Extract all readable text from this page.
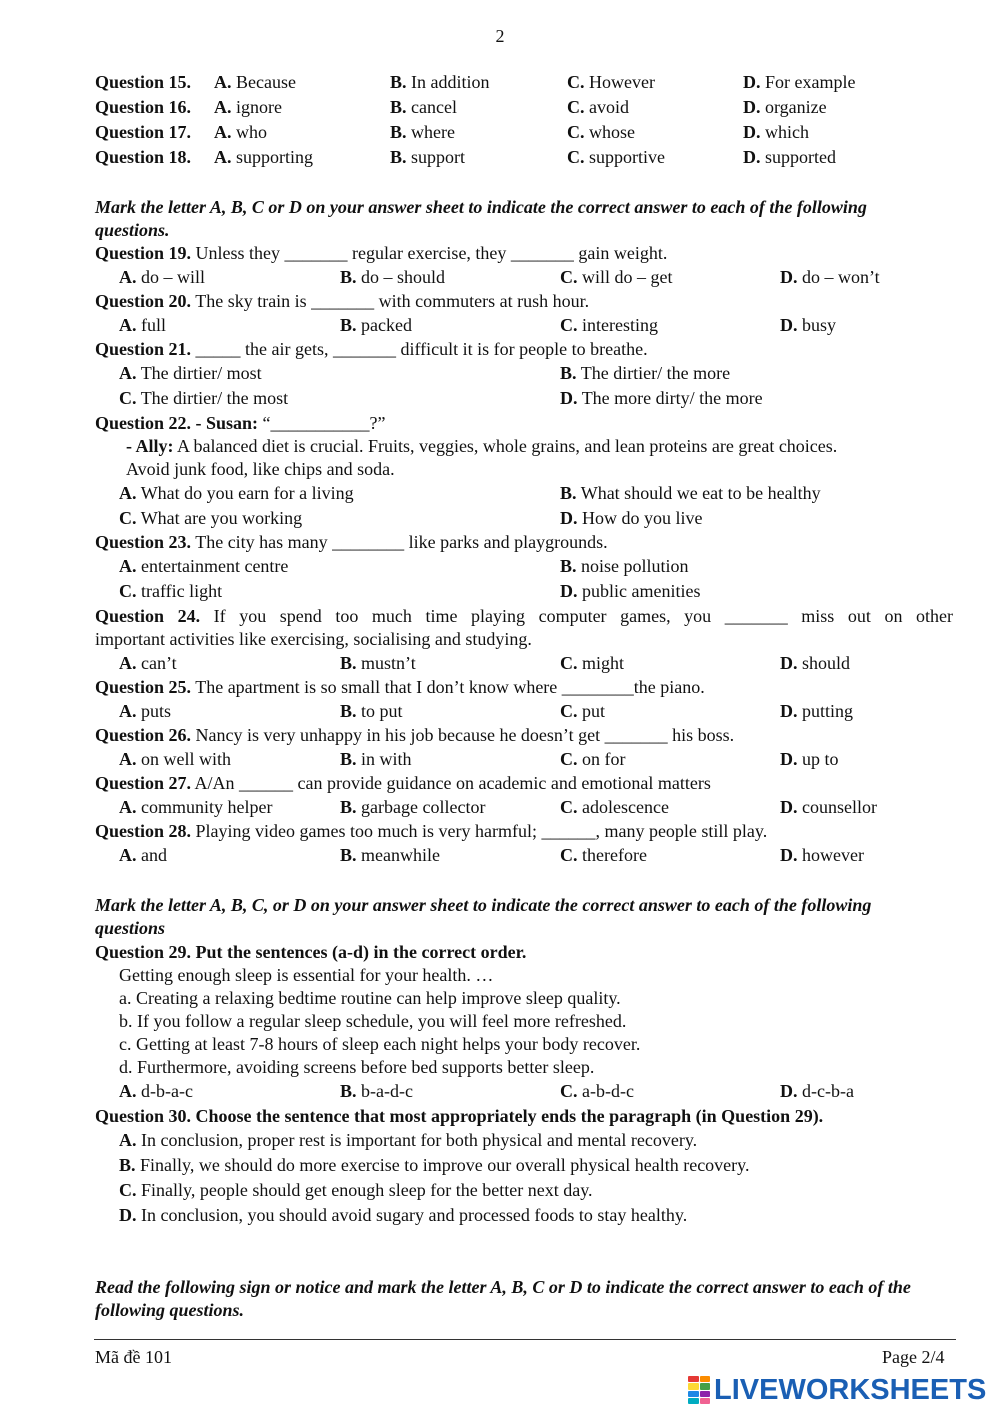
2
Question 15. A. Because	B. In addition	C. However	D. For example
Question 16. A. ignore	B. cancel	C. avoid	D. organize
Question 17. A. who	B. where	C. whose	D. which
Question 18. A. supporting	B. support	C. supportive	D. supported
Mark the letter A, B, C or D on your answer sheet to indicate the correct answer to each of the following questions.
Question 19. Unless they _______ regular exercise, they _______ gain weight.
A. do – will	B. do – should	C. will do – get	D. do – won’t
Question 20. The sky train is _______ with commuters at rush hour.
A. full	B. packed	C. interesting	D. busy
Question 21. _____ the air gets, _______ difficult it is for people to breathe.
A. The dirtier/ most	B. The dirtier/ the more
C. The dirtier/ the most	D. The more dirty/ the more
Question 22. - Susan: “___________?”
- Ally: A balanced diet is crucial. Fruits, veggies, whole grains, and lean proteins are great choices.
Avoid junk food, like chips and soda.
A. What do you earn for a living	B. What should we eat to be healthy
C. What are you working	D. How do you live
Question 23. The city has many ________ like parks and playgrounds.
A. entertainment centre	B. noise pollution
C. traffic light	D. public amenities
Question 24. If you spend too much time playing computer games, you _______ miss out on other
important activities like exercising, socialising and studying.
A. can’t	B. mustn’t	C. might	D. should
Question 25. The apartment is so small that I don’t know where ________the piano.
A. puts	B. to put	C. put	D. putting
Question 26. Nancy is very unhappy in his job because he doesn’t get _______ his boss.
A. on well with	B. in with	C. on for	D. up to
Question 27. A/An ______ can provide guidance on academic and emotional matters
A. community helper	B. garbage collector	C. adolescence	D. counsellor
Question 28. Playing video games too much is very harmful; ______, many people still play.
A. and	B. meanwhile	C. therefore	D. however
Mark the letter A, B, C, or D on your answer sheet to indicate the correct answer to each of the following questions
Question 29. Put the sentences (a-d) in the correct order.
Getting enough sleep is essential for your health. …
a. Creating a relaxing bedtime routine can help improve sleep quality.
b. If you follow a regular sleep schedule, you will feel more refreshed.
c. Getting at least 7-8 hours of sleep each night helps your body recover.
d. Furthermore, avoiding screens before bed supports better sleep.
A. d-b-a-c	B. b-a-d-c	C. a-b-d-c	D. d-c-b-a
Question 30. Choose the sentence that most appropriately ends the paragraph (in Question 29).
A. In conclusion, proper rest is important for both physical and mental recovery.
B. Finally, we should do more exercise to improve our overall physical health recovery.
C. Finally, people should get enough sleep for the better next day.
D. In conclusion, you should avoid sugary and processed foods to stay healthy.
Read the following sign or notice and mark the letter A, B, C or D to indicate the correct answer to each of the following questions.
Mã đề 101	Page 2/4
LIVEWORKSHEETS
